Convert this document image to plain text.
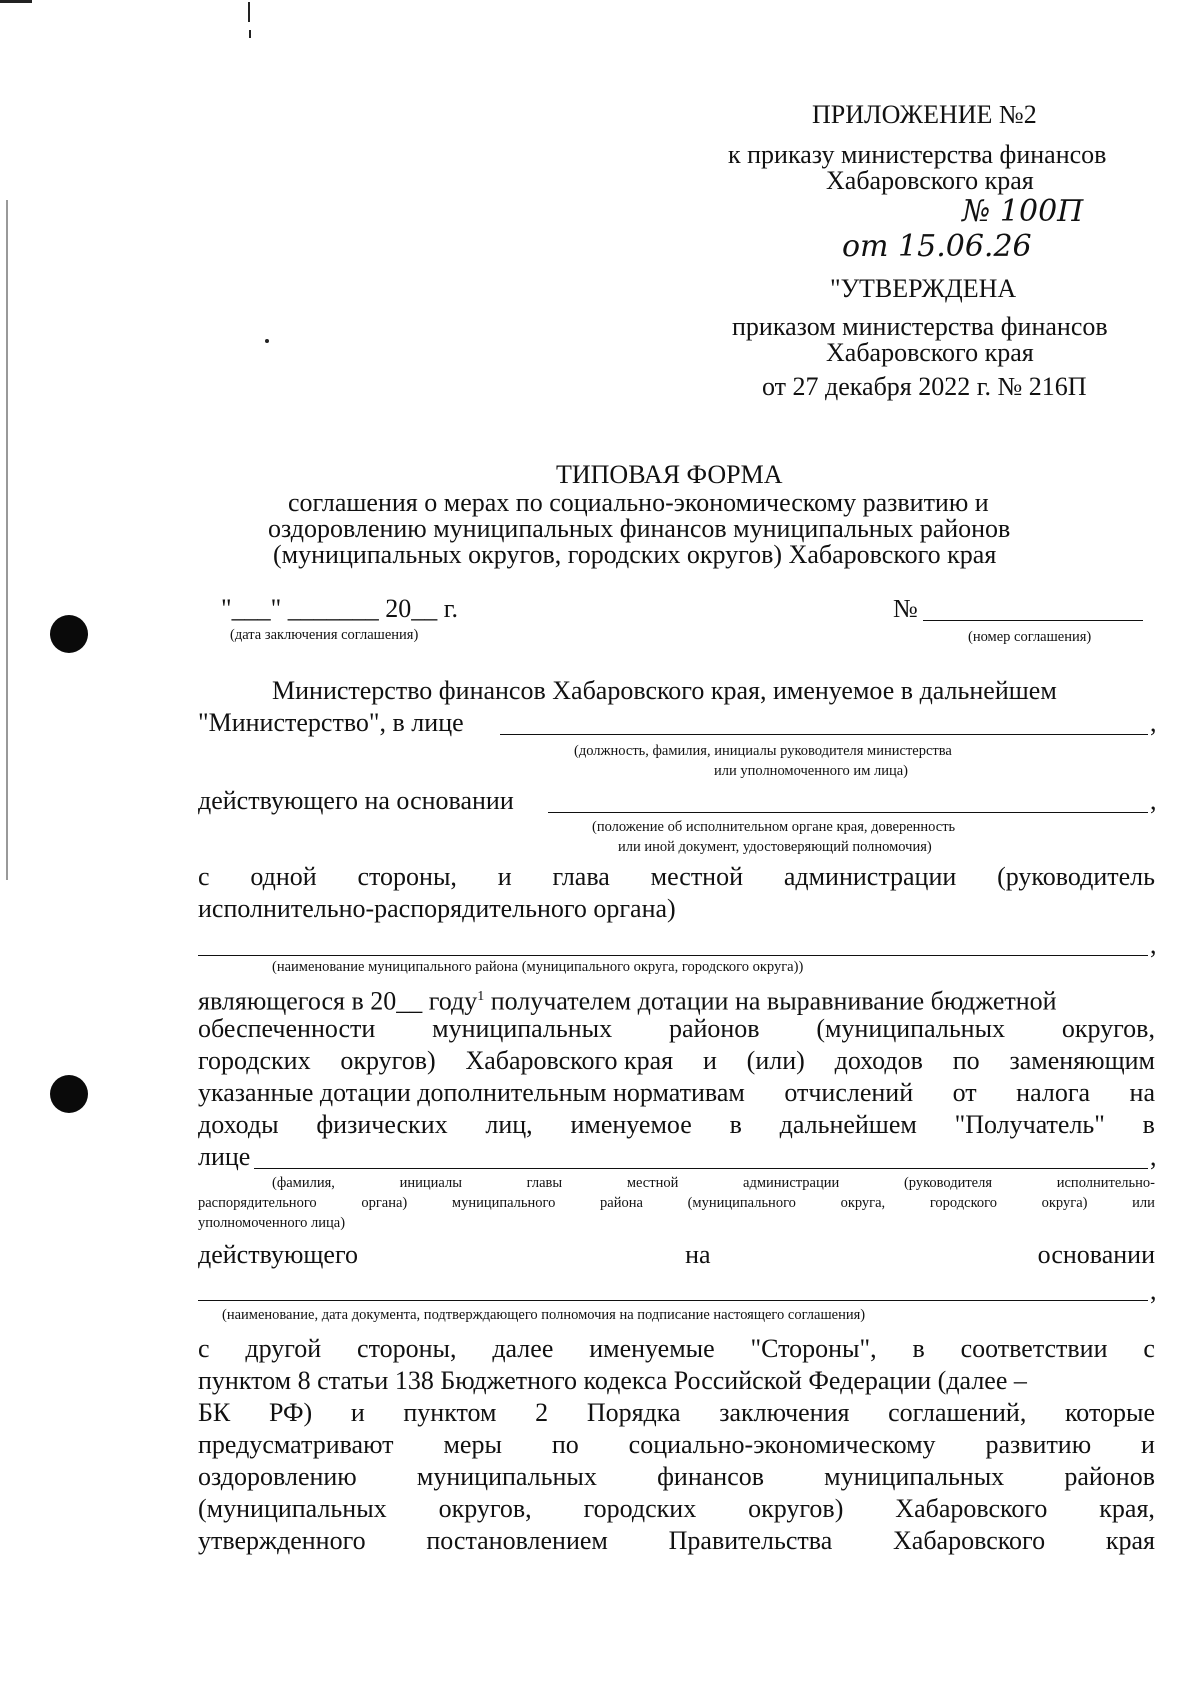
ПРИЛОЖЕНИЕ №2
к приказу министерства финансов
Хабаровского края
№ 100П
от 15.06.26
"УТВЕРЖДЕНА
приказом министерства финансов
Хабаровского края
от 27 декабря 2022 г. № 216П
ТИПОВАЯ ФОРМА
соглашения о мерах по социально-экономическому развитию и
оздоровлению муниципальных финансов муниципальных районов
(муниципальных округов, городских округов) Хабаровского края
"___" _______ 20__ г.
(дата заключения соглашения)
№
(номер соглашения)
Министерство финансов Хабаровского края, именуемое в дальнейшем
"Министерство", в лице	,
(должность, фамилия, инициалы руководителя министерства
или уполномоченного им лица)
действующего на основании	,
(положение об исполнительном органе края, доверенность
или иной документ, удостоверяющий полномочия)
с одной стороны, и глава местной администрации (руководитель
исполнительно-распорядительного органа)
,
(наименование муниципального района (муниципального округа, городского округа))
являющегося в 20__ году$^1$ получателем дотации на выравнивание бюджетной
обеспеченности муниципальных районов (муниципальных округов,
городских округов) Хабаровского края и (или) доходов по заменяющим
указанные дотации дополнительным нормативам отчислений от налога на
доходы физических лиц, именуемое в дальнейшем "Получатель" в
лице	,
(фамилия,	инициалы	главы	местной	администрации	(руководителя	исполнительно-
распорядительного	органа)	муниципального	района	(муниципального	округа,	городского	округа)	или
уполномоченного лица)
действующего	на	основании
,
(наименование, дата документа, подтверждающего полномочия на подписание настоящего соглашения)
с другой стороны, далее именуемые "Стороны", в соответствии с
пунктом 8 статьи 138 Бюджетного кодекса Российской Федерации (далее –
БК РФ) и пунктом 2 Порядка заключения соглашений, которые
предусматривают меры по социально-экономическому развитию и
оздоровлению муниципальных финансов муниципальных районов
(муниципальных округов, городских округов) Хабаровского края,
утвержденного постановлением Правительства Хабаровского края
